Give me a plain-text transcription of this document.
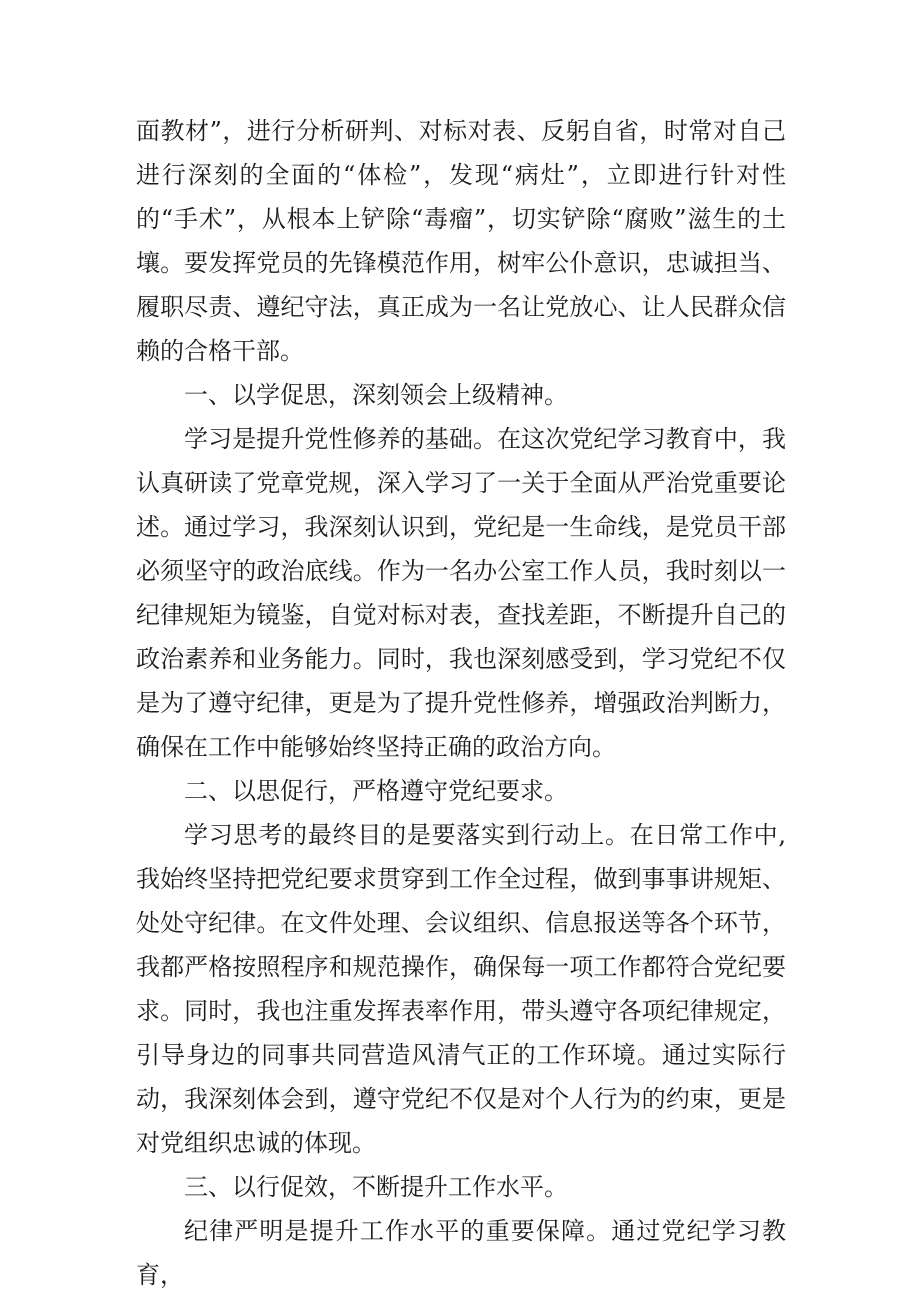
面教材”，进行分析研判、对标对表、反躬自省，时常对自己进行深刻的全面的“体检”，发现“病灶”，立即进行针对性的“手术”，从根本上铲除“毒瘤”，切实铲除“腐败”滋生的土壤。要发挥党员的先锋模范作用，树牢公仆意识，忠诚担当、履职尽责、遵纪守法，真正成为一名让党放心、让人民群众信赖的合格干部。

一、以学促思，深刻领会上级精神。

学习是提升党性修养的基础。在这次党纪学习教育中，我认真研读了党章党规，深入学习了一关于全面从严治党重要论述。通过学习，我深刻认识到，党纪是一生命线，是党员干部必须坚守的政治底线。作为一名办公室工作人员，我时刻以一纪律规矩为镜鉴，自觉对标对表，查找差距，不断提升自己的政治素养和业务能力。同时，我也深刻感受到，学习党纪不仅是为了遵守纪律，更是为了提升党性修养，增强政治判断力，确保在工作中能够始终坚持正确的政治方向。

二、以思促行，严格遵守党纪要求。

学习思考的最终目的是要落实到行动上。在日常工作中,我始终坚持把党纪要求贯穿到工作全过程，做到事事讲规矩、处处守纪律。在文件处理、会议组织、信息报送等各个环节，我都严格按照程序和规范操作，确保每一项工作都符合党纪要求。同时，我也注重发挥表率作用，带头遵守各项纪律规定，引导身边的同事共同营造风清气正的工作环境。通过实际行动，我深刻体会到，遵守党纪不仅是对个人行为的约束，更是对党组织忠诚的体现。

三、以行促效，不断提升工作水平。

纪律严明是提升工作水平的重要保障。通过党纪学习教育，
